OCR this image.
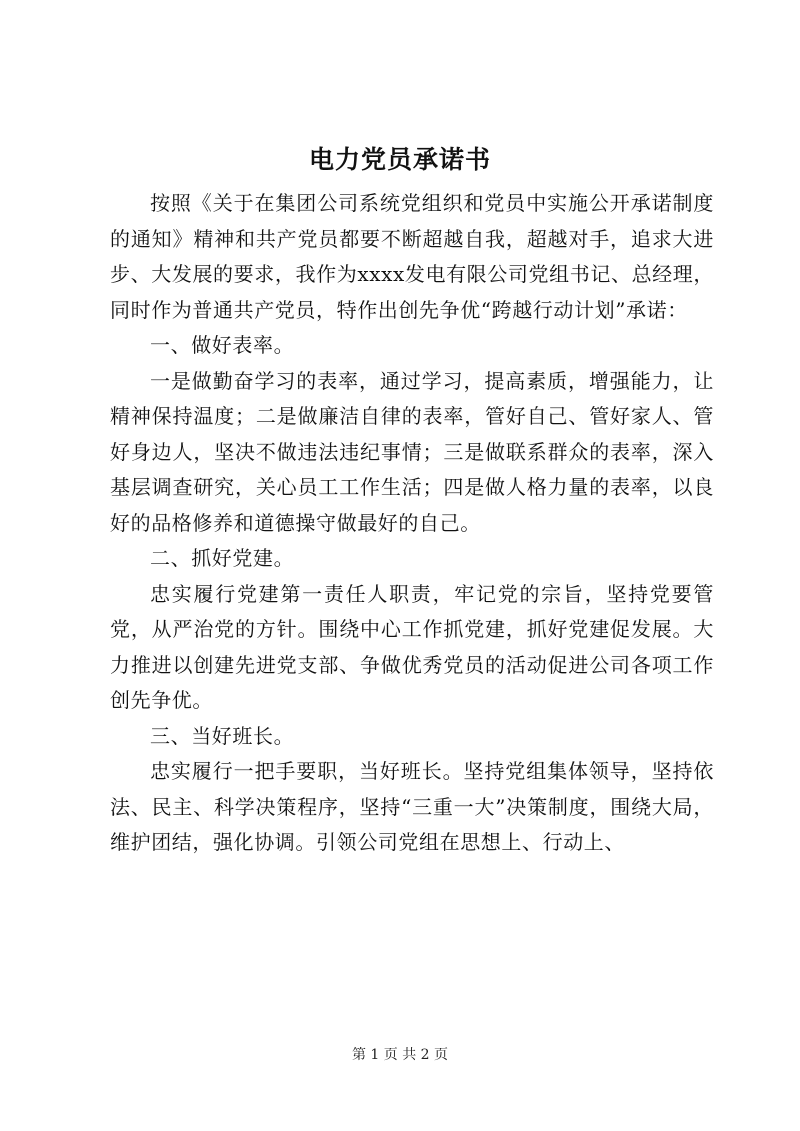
电力党员承诺书

按照《关于在集团公司系统党组织和党员中实施公开承诺制度的通知》精神和共产党员都要不断超越自我，超越对手，追求大进步、大发展的要求，我作为xxxx发电有限公司党组书记、总经理，同时作为普通共产党员，特作出创先争优“跨越行动计划”承诺：

一、做好表率。

一是做勤奋学习的表率，通过学习，提高素质，增强能力，让精神保持温度；二是做廉洁自律的表率，管好自己、管好家人、管好身边人，坚决不做违法违纪事情；三是做联系群众的表率，深入基层调查研究，关心员工工作生活；四是做人格力量的表率，以良好的品格修养和道德操守做最好的自己。

二、抓好党建。

忠实履行党建第一责任人职责，牢记党的宗旨，坚持党要管党，从严治党的方针。围绕中心工作抓党建，抓好党建促发展。大力推进以创建先进党支部、争做优秀党员的活动促进公司各项工作创先争优。

三、当好班长。

忠实履行一把手要职，当好班长。坚持党组集体领导，坚持依法、民主、科学决策程序，坚持“三重一大”决策制度，围绕大局，维护团结，强化协调。引领公司党组在思想上、行动上、

第 1 页 共 2 页
